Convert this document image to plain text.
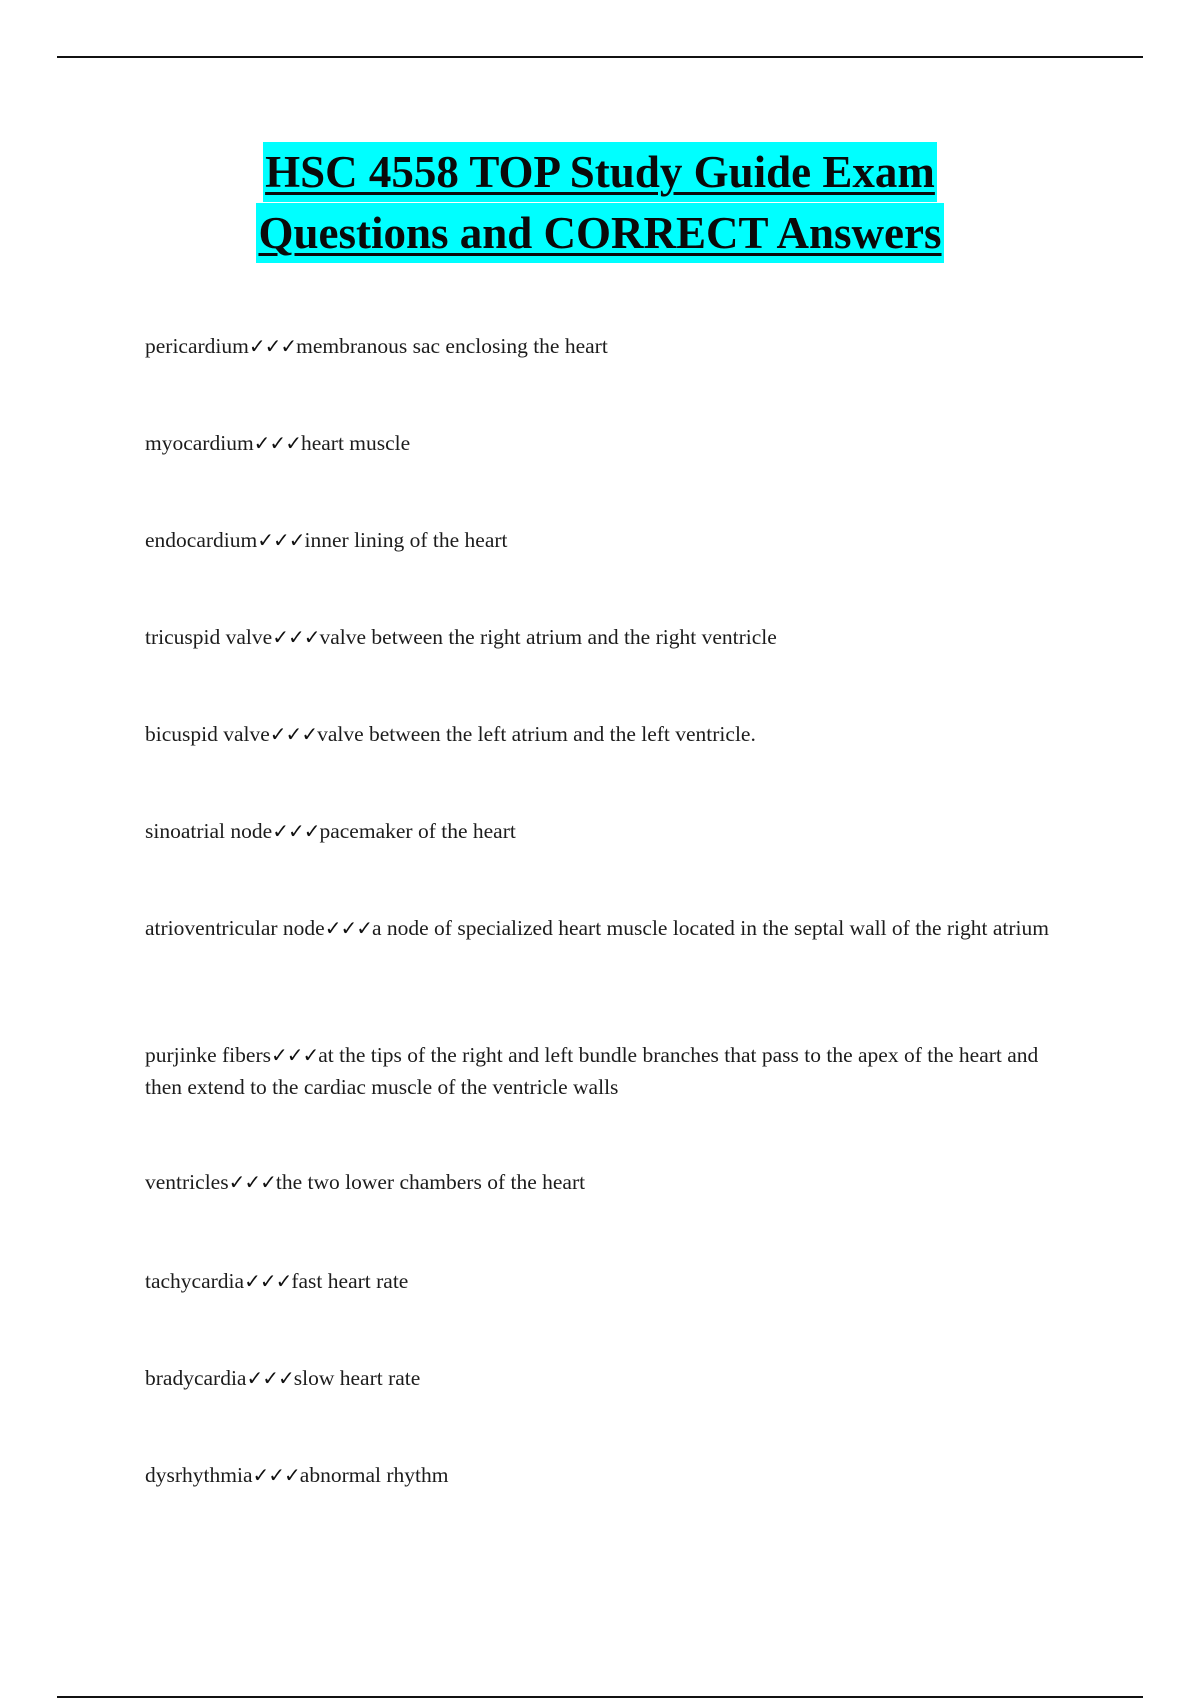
HSC 4558 TOP Study Guide Exam
Questions and CORRECT Answers
pericardium✓✓✓membranous sac enclosing the heart
myocardium✓✓✓heart muscle
endocardium✓✓✓inner lining of the heart
tricuspid valve✓✓✓valve between the right atrium and the right ventricle
bicuspid valve✓✓✓valve between the left atrium and the left ventricle.
sinoatrial node✓✓✓pacemaker of the heart
atrioventricular node✓✓✓a node of specialized heart muscle located in the septal wall of the right atrium
purjinke fibers✓✓✓at the tips of the right and left bundle branches that pass to the apex of the heart and then extend to the cardiac muscle of the ventricle walls
ventricles✓✓✓the two lower chambers of the heart
tachycardia✓✓✓fast heart rate
bradycardia✓✓✓slow heart rate
dysrhythmia✓✓✓abnormal rhythm
